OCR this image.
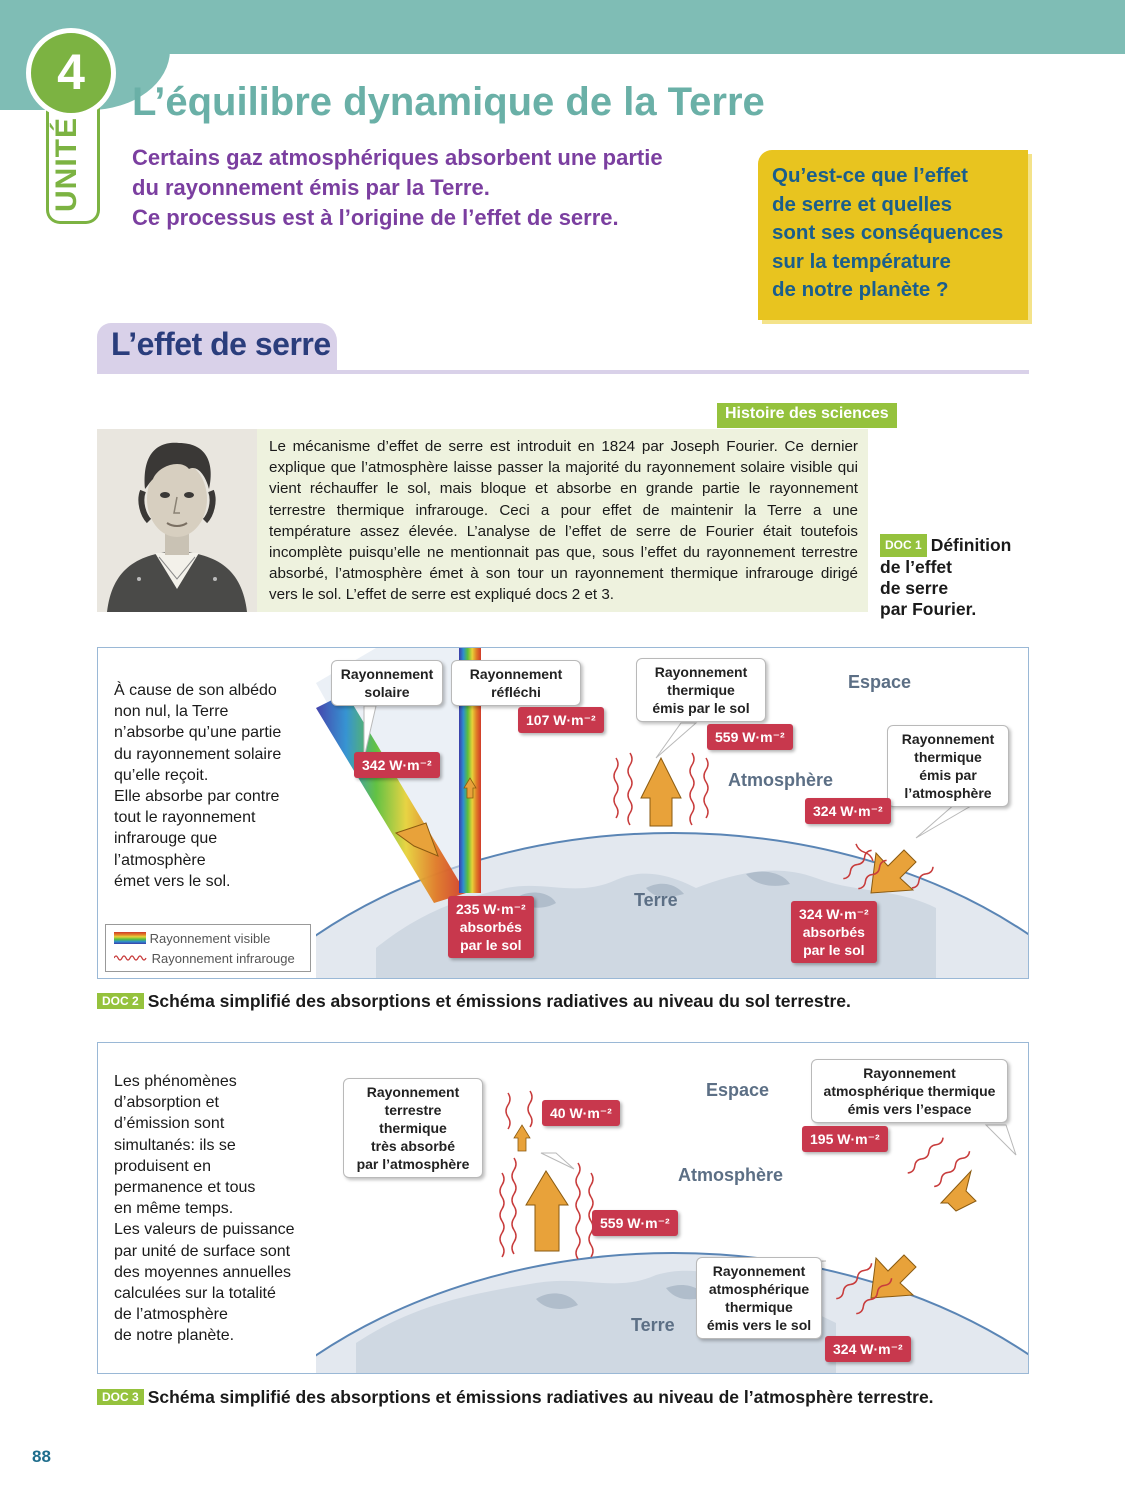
UNITÉ
4
L’équilibre dynamique de la Terre
Certains gaz atmosphériques absorbent une partie
du rayonnement émis par la Terre.
Ce processus est à l’origine de l’effet de serre.
Qu’est-ce que l’effet
de serre et quelles
sont ses conséquences
sur la température
de notre planète ?
L’effet de serre
Histoire des sciences
Le mécanisme d’effet de serre est introduit en 1824 par Joseph Fourier. Ce dernier explique que l’atmosphère laisse passer la majorité du rayonnement solaire visible qui vient réchauffer le sol, mais bloque et absorbe en grande partie le rayonnement terrestre thermique infrarouge. Ceci a pour effet de maintenir la Terre a une température assez élevée. L’analyse de l’effet de serre de Fourier était toutefois incomplète puisqu’elle ne mentionnait pas que, sous l’effet du rayonnement terrestre absorbé, l’atmosphère émet à son tour un rayonnement thermique infrarouge dirigé vers le sol. L’effet de serre est expliqué docs 2 et 3.
DOC 1 Définition
de l’effet
de serre
par Fourier.
À cause de son albédo
non nul, la Terre
n’absorbe qu’une partie
du rayonnement solaire
qu’elle reçoit.
Elle absorbe par contre
tout le rayonnement
infrarouge que
l’atmosphère
émet vers le sol.
Rayonnement
solaire
Rayonnement
réfléchi
Rayonnement
thermique
émis par le sol
Rayonnement
thermique
émis par
l’atmosphère
342 W·m⁻²
107 W·m⁻²
559 W·m⁻²
324 W·m⁻²
235 W·m⁻²
absorbés
par le sol
324 W·m⁻²
absorbés
par le sol
Espace
Atmosphère
Terre
Rayonnement visible
Rayonnement infrarouge
DOC 2 Schéma simplifié des absorptions et émissions radiatives au niveau du sol terrestre.
Les phénomènes
d’absorption et
d’émission sont
simultanés: ils se
produisent en
permanence et tous
en même temps.
Les valeurs de puissance
par unité de surface sont
des moyennes annuelles
calculées sur la totalité
de l’atmosphère
de notre planète.
Rayonnement
terrestre thermique
très absorbé
par l’atmosphère
Rayonnement
atmosphérique thermique
émis vers l’espace
Rayonnement
atmosphérique
thermique
émis vers le sol
40 W·m⁻²
559 W·m⁻²
195 W·m⁻²
324 W·m⁻²
Espace
Atmosphère
Terre
DOC 3 Schéma simplifié des absorptions et émissions radiatives au niveau de l’atmosphère terrestre.
88
